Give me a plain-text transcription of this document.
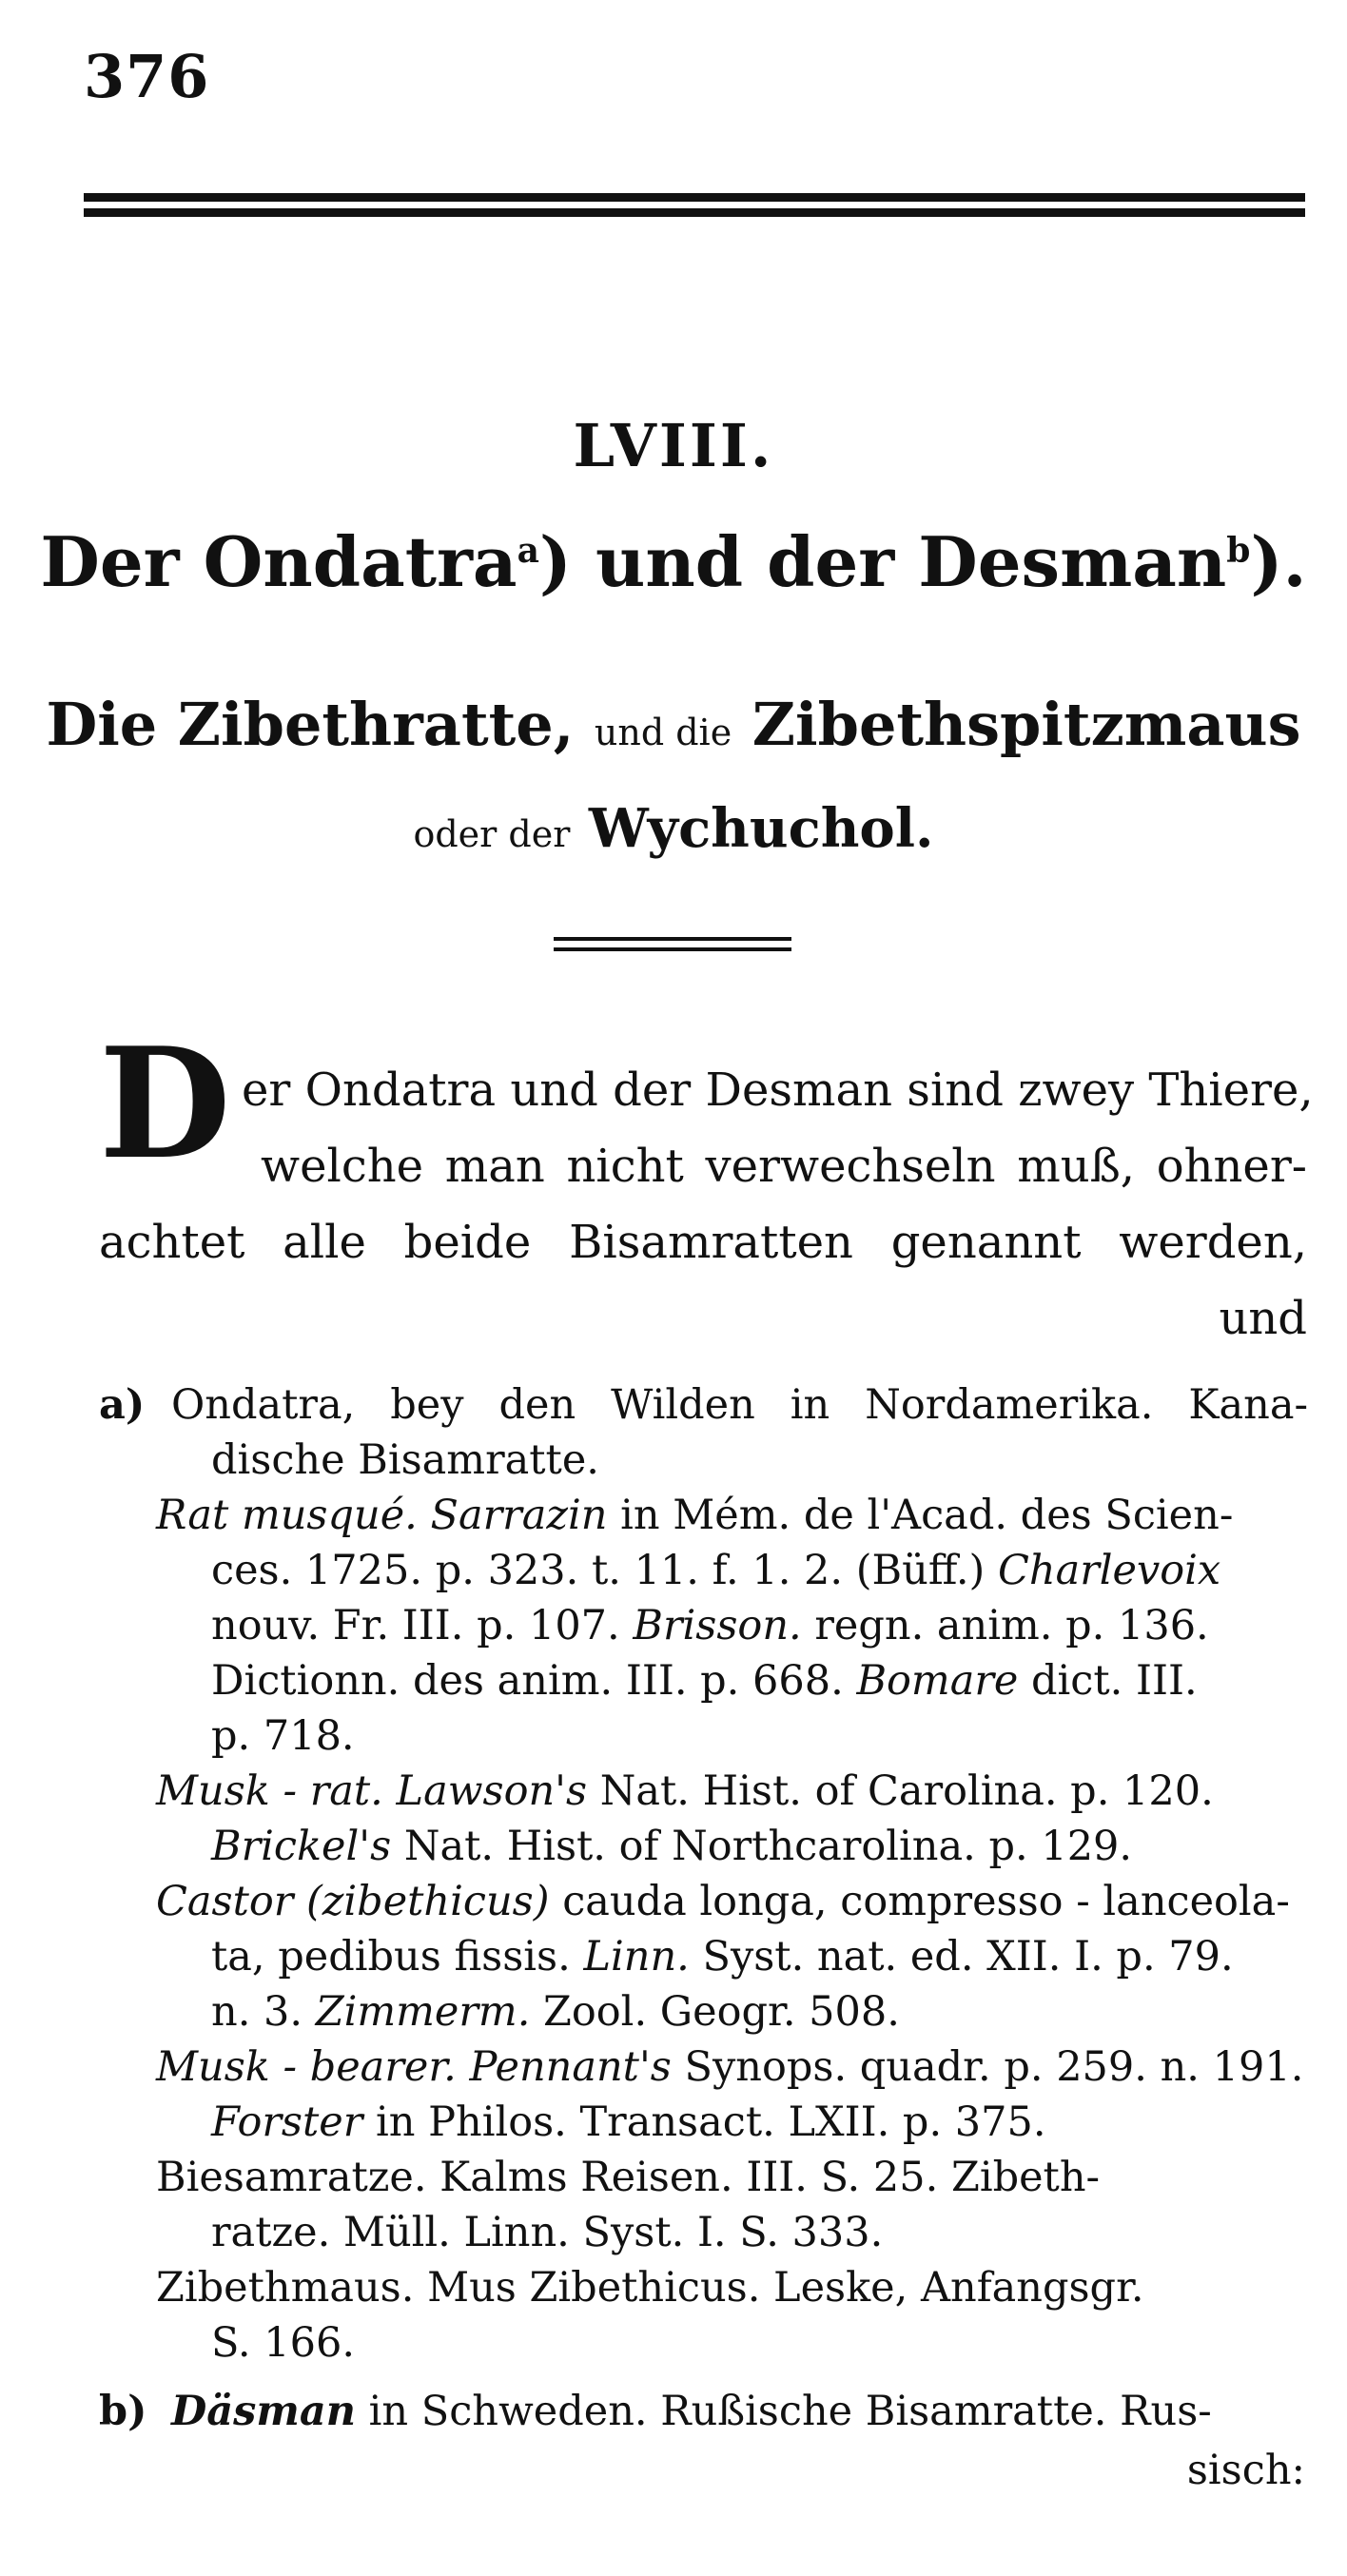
376
LVIII.
Der Ondatra$^a$) und der Desman$^b$).
Die Zibethratte, und die Zibethspitzmaus
oder der Wychuchol.
D er Ondatra und der Desman sind zwey Thiere,
welche man nicht verwechseln muß, ohner-
achtet alle beide Bisamratten genannt werden,
und
a) Ondatra, bey den Wilden in Nordamerika. Kana-
dische Bisamratte.
Rat musqué. Sarrazin in Mém. de l'Acad. des Scien-
ces. 1725. p. 323. t. 11. f. 1. 2. (Büff.) Charlevoix
nouv. Fr. III. p. 107. Brisson. regn. anim. p. 136.
Dictionn. des anim. III. p. 668. Bomare dict. III.
p. 718.
Musk - rat. Lawson's Nat. Hist. of Carolina. p. 120.
Brickel's Nat. Hist. of Northcarolina. p. 129.
Castor (zibethicus) cauda longa, compresso - lanceola-
ta, pedibus fissis. Linn. Syst. nat. ed. XII. I. p. 79.
n. 3. Zimmerm. Zool. Geogr. 508.
Musk - bearer. Pennant's Synops. quadr. p. 259. n. 191.
Forster in Philos. Transact. LXII. p. 375.
Biesamratze. Kalms Reisen. III. S. 25. Zibeth-
ratze. Müll. Linn. Syst. I. S. 333.
Zibethmaus. Mus Zibethicus. Leske, Anfangsgr.
S. 166.
b) Däsman in Schweden. Rußische Bisamratte. Rus-
sisch:
